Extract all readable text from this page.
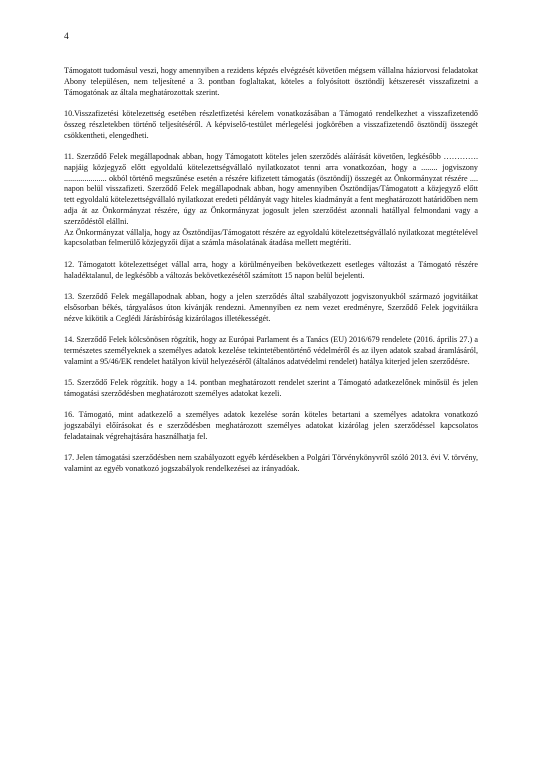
4

Támogatott tudomásul veszi, hogy amennyiben a rezidens képzés elvégzését követően mégsem vállalna háziorvosi feladatokat Abony településen, nem teljesítené a 3. pontban foglaltakat, köteles a folyósított ösztöndíj kétszeresét visszafizetni a Támogatónak az általa meghatározottak szerint.

10.Visszafizetési kötelezettség esetében részletfizetési kérelem vonatkozásában a Támogató rendelkezhet a visszafizetendő összeg részletekben történő teljesítéséről. A képviselő-testület mérlegelési jogkörében a visszafizetendő ösztöndíj összegét csökkentheti, elengedheti.

11. Szerződő Felek megállapodnak abban, hogy Támogatott köteles jelen szerződés aláírását követően, legkésőbb …………. napjáig közjegyző előtt egyoldalú kötelezettségvállaló nyilatkozatot tenni arra vonatkozóan, hogy a ........ jogviszony ..................... okból történő megszűnése esetén a részére kifizetett támogatás (ösztöndíj) összegét az Önkormányzat részére .... napon belül visszafizeti. Szerződő Felek megállapodnak abban, hogy amennyiben Ösztöndíjas/Támogatott a közjegyző előtt tett egyoldalú kötelezettségvállaló nyilatkozat eredeti példányát vagy hiteles kiadmányát a fent meghatározott határidőben nem adja át az Önkormányzat részére, úgy az Önkormányzat jogosult jelen szerződést azonnali hatállyal felmondani vagy a szerződéstől elállni.

Az Önkormányzat vállalja, hogy az Ösztöndíjas/Támogatott részére az egyoldalú kötelezettségvállaló nyilatkozat megtételével kapcsolatban felmerülő közjegyzői díjat a számla másolatának átadása mellett megtéríti.

12. Támogatott kötelezettséget vállal arra, hogy a körülményeiben bekövetkezett esetleges változást a Támogató részére haladéktalanul, de legkésőbb a változás bekövetkezésétől számított 15 napon belül bejelenti.

13. Szerződő Felek megállapodnak abban, hogy a jelen szerződés által szabályozott jogviszonyukból származó jogvitáikat elsősorban békés, tárgyalásos úton kívánják rendezni. Amennyiben ez nem vezet eredményre, Szerződő Felek jogvitáikra nézve kikötik a Ceglédi Járásbíróság kizárólagos illetékességét.

14. Szerződő Felek kölcsönösen rögzítik, hogy az Európai Parlament és a Tanács (EU) 2016/679 rendelete (2016. április 27.) a természetes személyeknek a személyes adatok kezelése tekintetébentörténő védelméről és az ilyen adatok szabad áramlásáról, valamint a 95/46/EK rendelet hatályon kívül helyezéséről (általános adatvédelmi rendelet) hatálya kiterjed jelen szerződésre.

15. Szerződő Felek rögzítik. hogy a 14. pontban meghatározott rendelet szerint a Támogató adatkezelőnek minősül és jelen támogatási szerződésben meghatározott személyes adatokat kezeli.

16. Támogató, mint adatkezelő a személyes adatok kezelése során köteles betartani a személyes adatokra vonatkozó jogszabályi előírásokat és e szerződésben meghatározott személyes adatokat kizárólag jelen szerződéssel kapcsolatos feladatainak végrehajtására használhatja fel.

17. Jelen támogatási szerződésben nem szabályozott egyéb kérdésekben a Polgári Törvénykönyvről szóló 2013. évi V. törvény, valamint az egyéb vonatkozó jogszabályok rendelkezései az irányadóak.
